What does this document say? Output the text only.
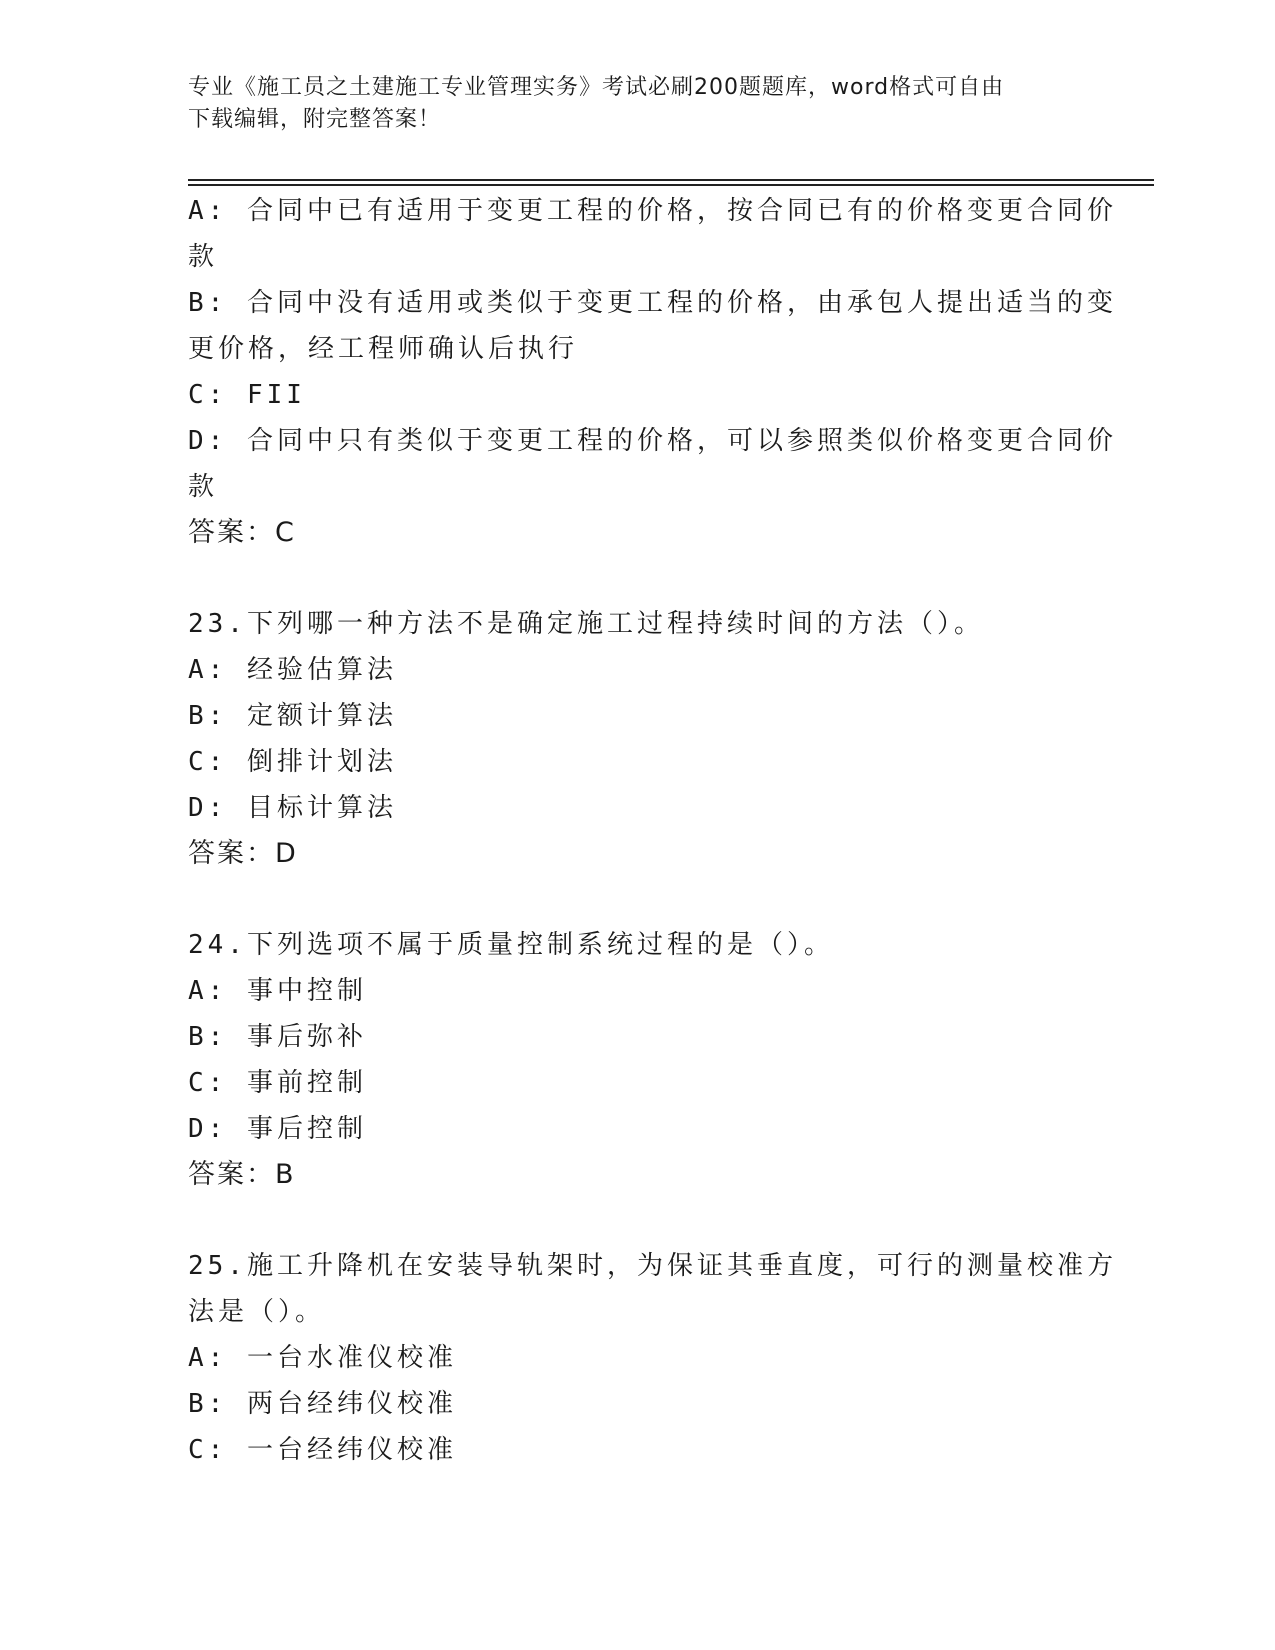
专业《施工员之土建施工专业管理实务》考试必刷200题题库，word格式可自由
下载编辑，附完整答案！
A: 合同中已有适用于变更工程的价格，按合同已有的价格变更合同价
款
B: 合同中没有适用或类似于变更工程的价格，由承包人提出适当的变
更价格，经工程师确认后执行
C: FII
D: 合同中只有类似于变更工程的价格，可以参照类似价格变更合同价
款
答案：C
23.下列哪一种方法不是确定施工过程持续时间的方法（）。
A: 经验估算法
B: 定额计算法
C: 倒排计划法
D: 目标计算法
答案：D
24.下列选项不属于质量控制系统过程的是（）。
A: 事中控制
B: 事后弥补
C: 事前控制
D: 事后控制
答案：B
25.施工升降机在安装导轨架时，为保证其垂直度，可行的测量校准方
法是（）。
A: 一台水准仪校准
B: 两台经纬仪校准
C: 一台经纬仪校准
